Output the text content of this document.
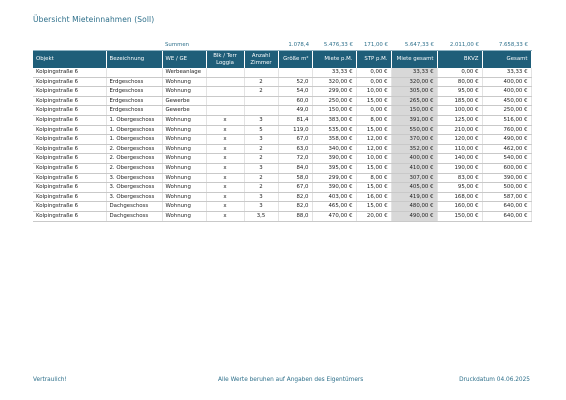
Übersicht Mieteinnahmen (Soll)
		Summen			1.078,4	5.476,33 €	171,00 €	5.647,33 €	2.011,00 €	7.658,33 €
Objekt	Bezeichnung	WE / GE	Blk / Terr Loggia	Anzahl Zimmer	Größe m²	Miete p.M.	STP p.M.	Miete gesamt	BKVZ	Gesamt
Kolpingstraße 6		Werbeanlage				33,33 €	0,00 €	33,33 €	0,00 €	33,33 €
Kolpingstraße 6	Erdgeschoss	Wohnung		2	52,0	320,00 €	0,00 €	320,00 €	80,00 €	400,00 €
Kolpingstraße 6	Erdgeschoss	Wohnung		2	54,0	299,00 €	10,00 €	305,00 €	95,00 €	400,00 €
Kolpingstraße 6	Erdgeschoss	Gewerbe			60,0	250,00 €	15,00 €	265,00 €	185,00 €	450,00 €
Kolpingstraße 6	Erdgeschoss	Gewerbe			49,0	150,00 €	0,00 €	150,00 €	100,00 €	250,00 €
Kolpingstraße 6	1. Obergeschoss	Wohnung	x	3	81,4	383,00 €	8,00 €	391,00 €	125,00 €	516,00 €
Kolpingstraße 6	1. Obergeschoss	Wohnung	x	5	119,0	535,00 €	15,00 €	550,00 €	210,00 €	760,00 €
Kolpingstraße 6	1. Obergeschoss	Wohnung	x	3	67,0	358,00 €	12,00 €	370,00 €	120,00 €	490,00 €
Kolpingstraße 6	2. Obergeschoss	Wohnung	x	2	63,0	340,00 €	12,00 €	352,00 €	110,00 €	462,00 €
Kolpingstraße 6	2. Obergeschoss	Wohnung	x	2	72,0	390,00 €	10,00 €	400,00 €	140,00 €	540,00 €
Kolpingstraße 6	2. Obergeschoss	Wohnung	x	3	84,0	395,00 €	15,00 €	410,00 €	190,00 €	600,00 €
Kolpingstraße 6	3. Obergeschoss	Wohnung	x	2	58,0	299,00 €	8,00 €	307,00 €	83,00 €	390,00 €
Kolpingstraße 6	3. Obergeschoss	Wohnung	x	2	67,0	390,00 €	15,00 €	405,00 €	95,00 €	500,00 €
Kolpingstraße 6	3. Obergeschoss	Wohnung	x	3	82,0	403,00 €	16,00 €	419,00 €	168,00 €	587,00 €
Kolpingstraße 6	Dachgeschoss	Wohnung	x	3	82,0	465,00 €	15,00 €	480,00 €	160,00 €	640,00 €
Kolpingstraße 6	Dachgeschoss	Wohnung	x	3,5	88,0	470,00 €	20,00 €	490,00 €	150,00 €	640,00 €
Vertraulich!	Alle Werte beruhen auf Angaben des Eigentümers	Druckdatum 04.06.2025
